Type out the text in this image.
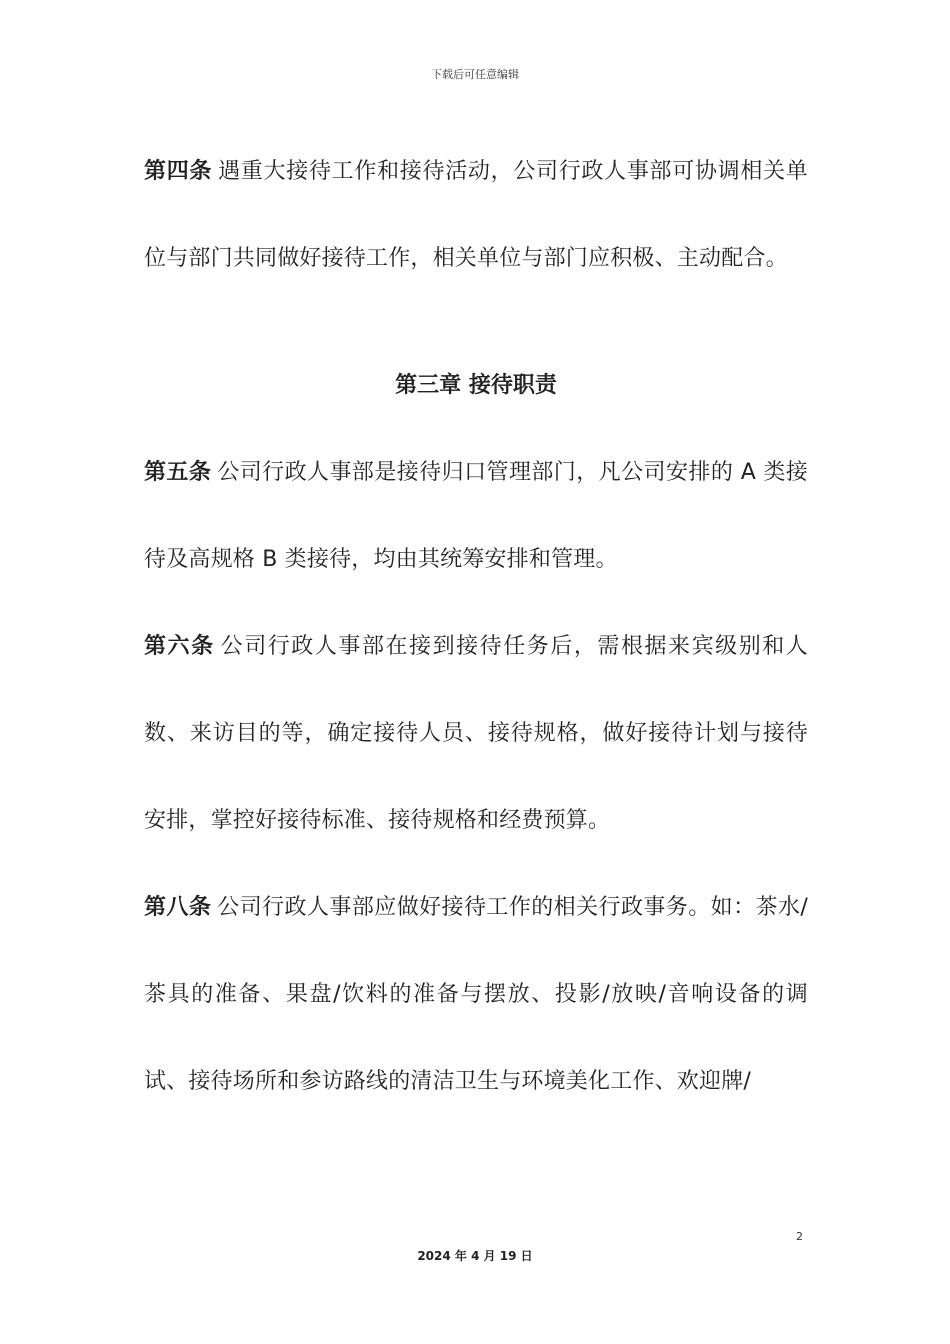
下载后可任意编辑

第四条 遇重大接待工作和接待活动，公司行政人事部可协调相关单位与部门共同做好接待工作，相关单位与部门应积极、主动配合。

第三章 接待职责

第五条 公司行政人事部是接待归口管理部门，凡公司安排的 A 类接待及高规格 B 类接待，均由其统筹安排和管理。

第六条 公司行政人事部在接到接待任务后，需根据来宾级别和人数、来访目的等，确定接待人员、接待规格，做好接待计划与接待安排，掌控好接待标准、接待规格和经费预算。

第八条 公司行政人事部应做好接待工作的相关行政事务。如：茶水/茶具的准备、果盘/饮料的准备与摆放、投影/放映/音响设备的调试、接待场所和参访路线的清洁卫生与环境美化工作、欢迎牌/

2
2024 年 4 月 19 日
